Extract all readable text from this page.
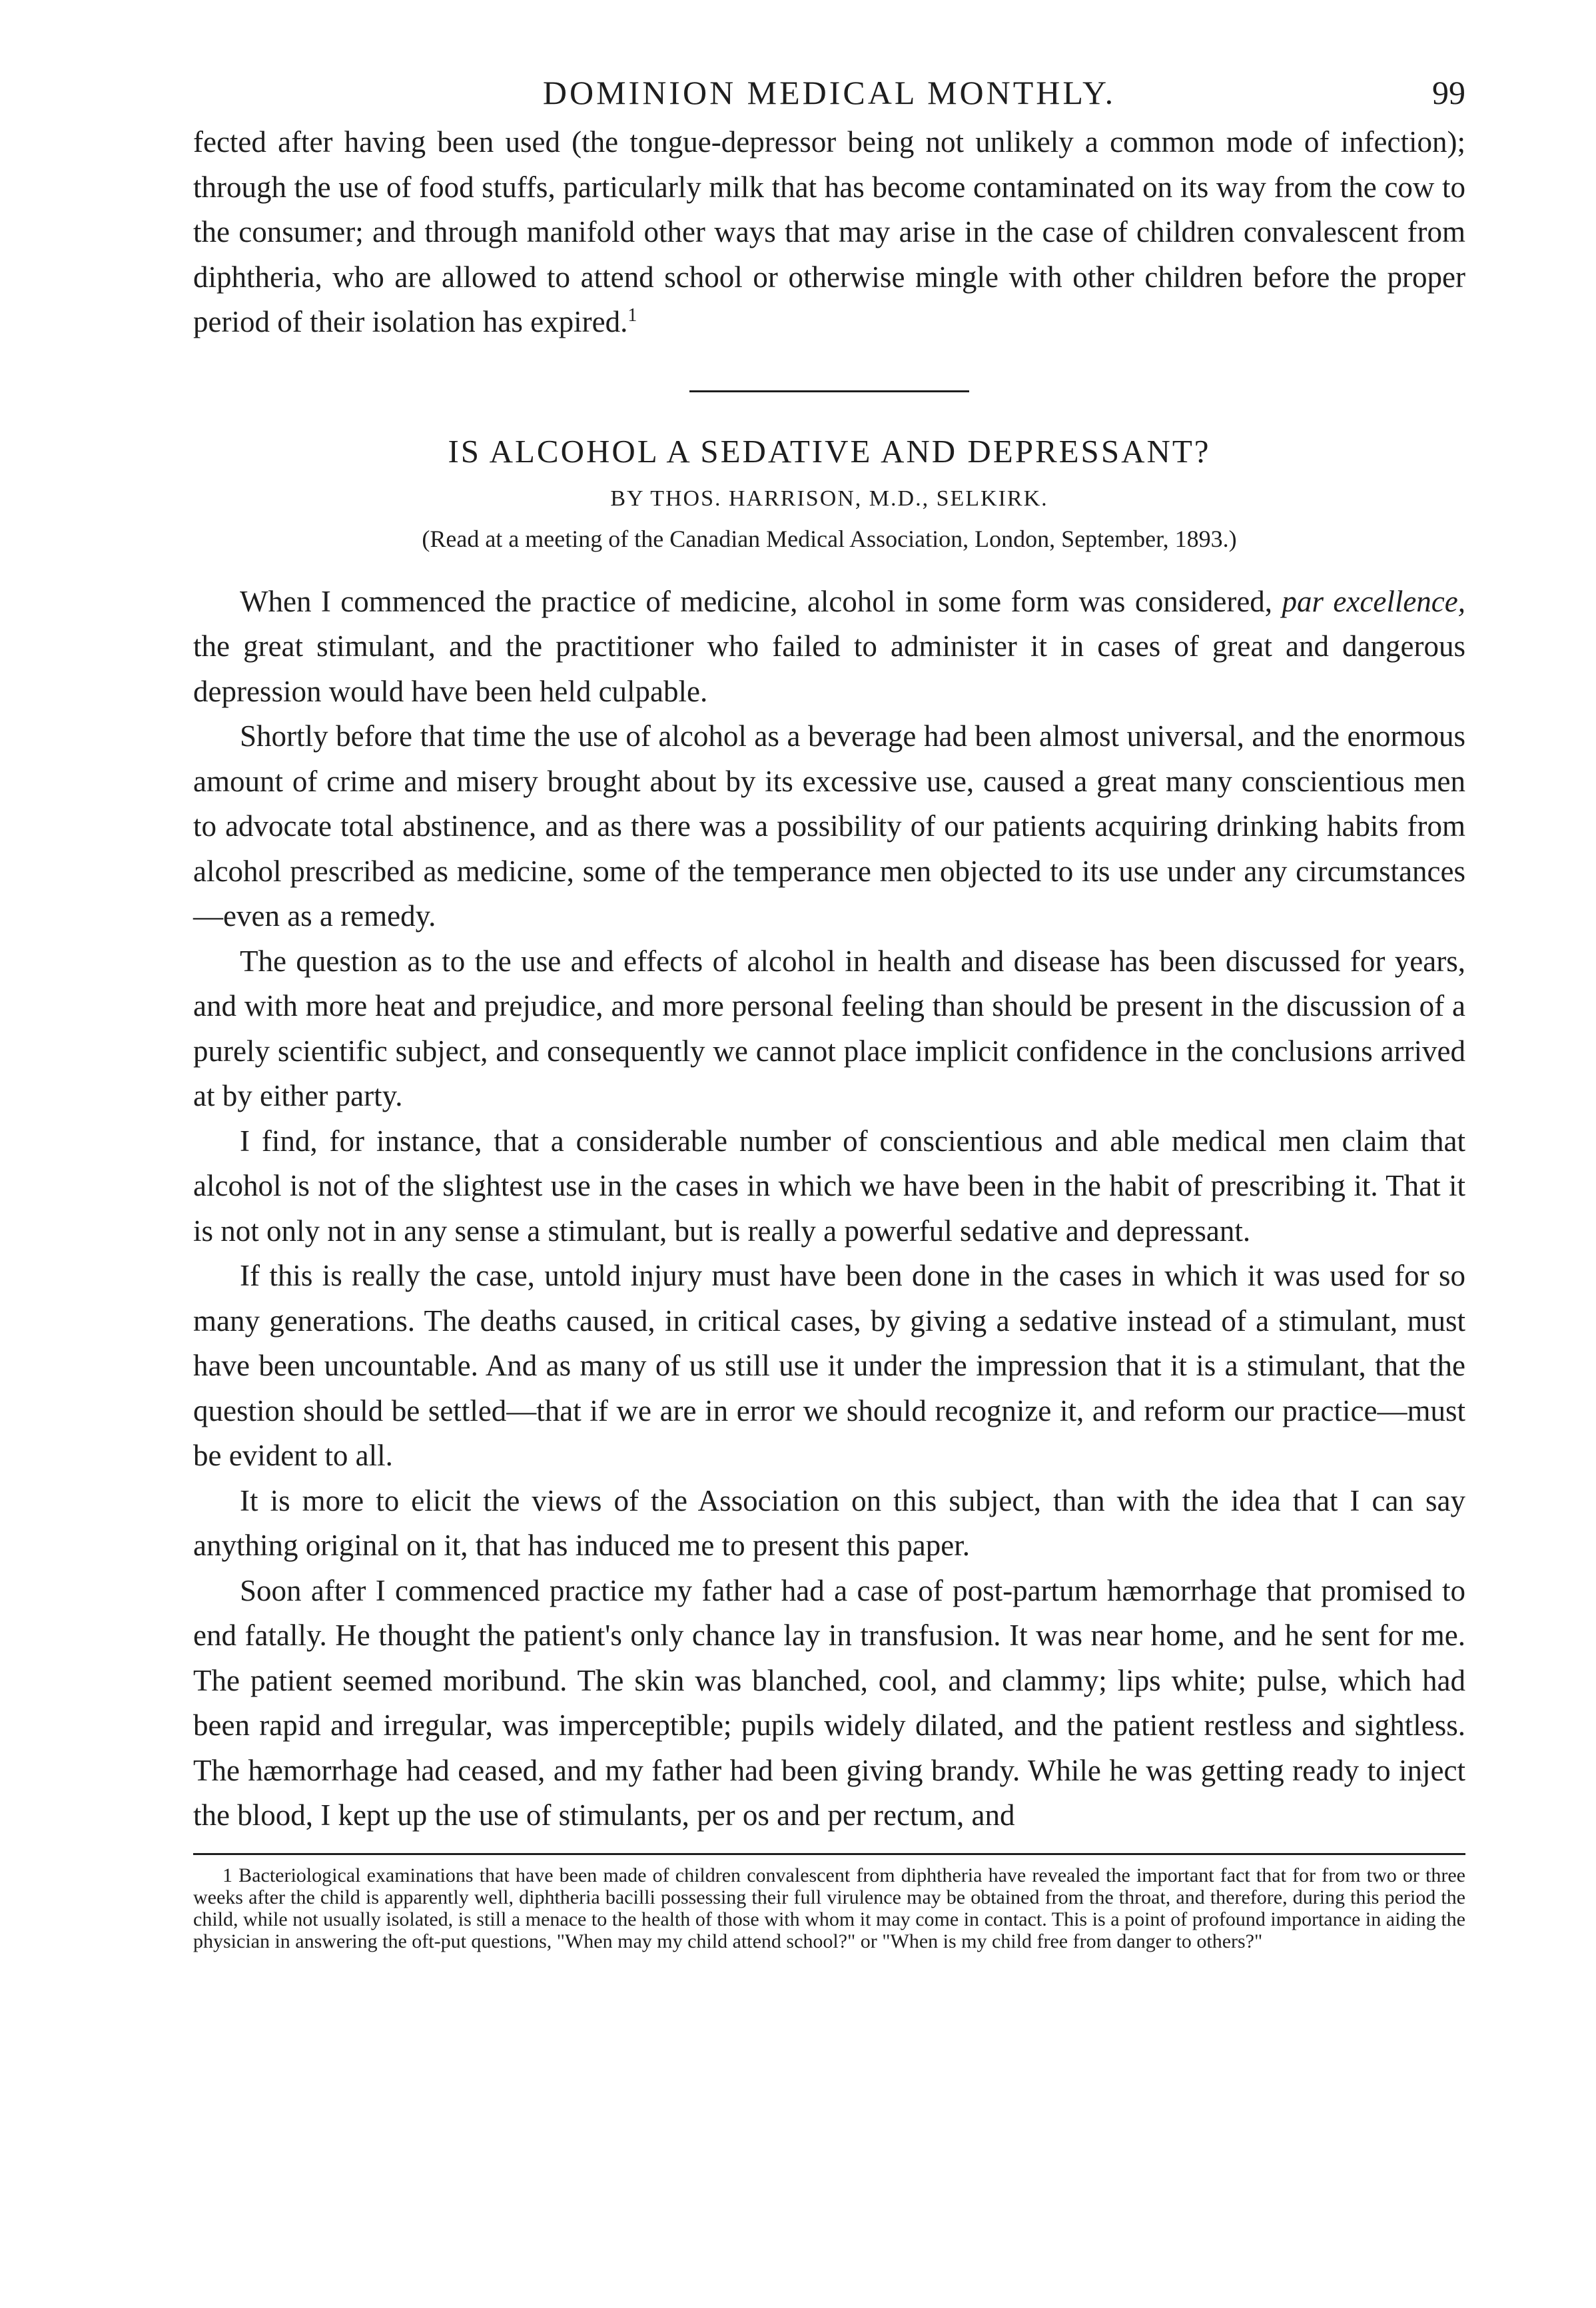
DOMINION MEDICAL MONTHLY.	99

fected after having been used (the tongue-depressor being not unlikely a common mode of infection); through the use of food stuffs, particularly milk that has become contaminated on its way from the cow to the consumer; and through manifold other ways that may arise in the case of children convalescent from diphtheria, who are allowed to attend school or otherwise mingle with other children before the proper period of their isolation has expired.$^1$

IS ALCOHOL A SEDATIVE AND DEPRESSANT?
BY THOS. HARRISON, M.D., SELKIRK.
(Read at a meeting of the Canadian Medical Association, London, September, 1893.)

When I commenced the practice of medicine, alcohol in some form was considered, par excellence, the great stimulant, and the practitioner who failed to administer it in cases of great and dangerous depression would have been held culpable.

Shortly before that time the use of alcohol as a beverage had been almost universal, and the enormous amount of crime and misery brought about by its excessive use, caused a great many conscientious men to advocate total abstinence, and as there was a possibility of our patients acquiring drinking habits from alcohol prescribed as medicine, some of the temperance men objected to its use under any circumstances—even as a remedy.

The question as to the use and effects of alcohol in health and disease has been discussed for years, and with more heat and prejudice, and more personal feeling than should be present in the discussion of a purely scientific subject, and consequently we cannot place implicit confidence in the conclusions arrived at by either party.

I find, for instance, that a considerable number of conscientious and able medical men claim that alcohol is not of the slightest use in the cases in which we have been in the habit of prescribing it. That it is not only not in any sense a stimulant, but is really a powerful sedative and depressant.

If this is really the case, untold injury must have been done in the cases in which it was used for so many generations. The deaths caused, in critical cases, by giving a sedative instead of a stimulant, must have been uncountable. And as many of us still use it under the impression that it is a stimulant, that the question should be settled—that if we are in error we should recognize it, and reform our practice—must be evident to all.

It is more to elicit the views of the Association on this subject, than with the idea that I can say anything original on it, that has induced me to present this paper.

Soon after I commenced practice my father had a case of post-partum hæmorrhage that promised to end fatally. He thought the patient's only chance lay in transfusion. It was near home, and he sent for me. The patient seemed moribund. The skin was blanched, cool, and clammy; lips white; pulse, which had been rapid and irregular, was imperceptible; pupils widely dilated, and the patient restless and sightless. The hæmorrhage had ceased, and my father had been giving brandy. While he was getting ready to inject the blood, I kept up the use of stimulants, per os and per rectum, and

1 Bacteriological examinations that have been made of children convalescent from diphtheria have revealed the important fact that for from two or three weeks after the child is apparently well, diphtheria bacilli possessing their full virulence may be obtained from the throat, and therefore, during this period the child, while not usually isolated, is still a menace to the health of those with whom it may come in contact. This is a point of profound importance in aiding the physician in answering the oft-put questions, "When may my child attend school?" or "When is my child free from danger to others?"
